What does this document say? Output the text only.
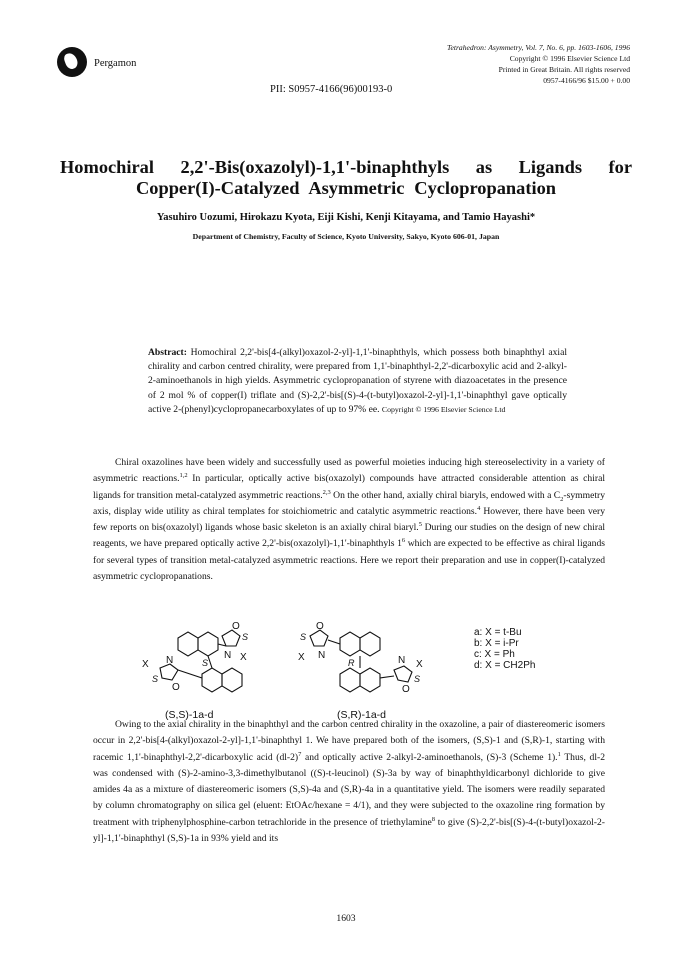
Pergamon
Tetrahedron: Asymmetry, Vol. 7, No. 6, pp. 1603-1606, 1996
Copyright © 1996 Elsevier Science Ltd
Printed in Great Britain. All rights reserved
0957-4166/96 $15.00 + 0.00
PII: S0957-4166(96)00193-0
Homochiral 2,2'-Bis(oxazolyl)-1,1'-binaphthyls as Ligands for
Copper(I)-Catalyzed Asymmetric Cyclopropanation
Yasuhiro Uozumi, Hirokazu Kyota, Eiji Kishi, Kenji Kitayama, and Tamio Hayashi*
Department of Chemistry, Faculty of Science, Kyoto University, Sakyo, Kyoto 606-01, Japan
Abstract: Homochiral 2,2'-bis[4-(alkyl)oxazol-2-yl]-1,1'-binaphthyls, which possess both binaphthyl axial chirality and carbon centred chirality, were prepared from 1,1'-binaphthyl-2,2'-dicarboxylic acid and 2-alkyl-2-aminoethanols in high yields. Asymmetric cyclopropanation of styrene with diazoacetates in the presence of 2 mol % of copper(I) triflate and (S)-2,2'-bis[(S)-4-(t-butyl)oxazol-2-yl]-1,1'-binaphthyl gave optically active 2-(phenyl)cyclopropanecarboxylates of up to 97% ee. Copyright © 1996 Elsevier Science Ltd
Chiral oxazolines have been widely and successfully used as powerful moieties inducing high stereoselectivity in a variety of asymmetric reactions.$^{1,2}$ In particular, optically active bis(oxazolyl) compounds have attracted considerable attention as chiral ligands for transition metal-catalyzed asymmetric reactions.$^{2,3}$ On the other hand, axially chiral biaryls, endowed with a $C_2$-symmetry axis, display wide utility as chiral templates for stoichiometric and catalytic asymmetric reactions.$^4$ However, there have been very few reports on bis(oxazolyl) ligands whose basic skeleton is an axially chiral biaryl.$^5$ During our studies on the design of new chiral reagents, we have prepared optically active 2,2'-bis(oxazolyl)-1,1'-binaphthyls $1^6$ which are expected to be effective as chiral ligands for several types of transition metal-catalyzed asymmetric reactions. Here we report their preparation and use in copper(I)-catalyzed asymmetric cyclopropanations.
O
S
N X
S
X N
S
O
O
S
N
X	R	N X
S
O
(S,S)-1a-d	(S,R)-1a-d
a: X = t-Bu
b: X = i-Pr
c: X = Ph
d: X = CH2Ph
Owing to the axial chirality in the binaphthyl and the carbon centred chirality in the oxazoline, a pair of diastereomeric isomers occur in 2,2'-bis[4-(alkyl)oxazol-2-yl]-1,1'-binaphthyl 1. We have prepared both of the isomers, (S,S)-1 and (S,R)-1, starting with racemic 1,1'-binaphthyl-2,2'-dicarboxylic acid $(dl-2)^7$ and optically active 2-alkyl-2-aminoethanols, (S)-3 (Scheme 1).$^1$ Thus, dl-2 was condensed with (S)-2-amino-3,3-dimethylbutanol ((S)-t-leucinol) (S)-3a by way of binaphthyldicarbonyl dichloride to give amides 4a as a mixture of diastereomeric isomers (S,S)-4a and (S,R)-4a in a quantitative yield. The isomers were readily separated by column chromatography on silica gel (eluent: EtOAc/hexane = 4/1), and they were subjected to the oxazoline ring formation by treatment with triphenylphosphine-carbon tetrachloride in the presence of triethylamine$^8$ to give (S)-2,2'-bis[(S)-4-(t-butyl)oxazol-2-yl]-1,1'-binaphthyl (S,S)-1a in 93% yield and its
1603
